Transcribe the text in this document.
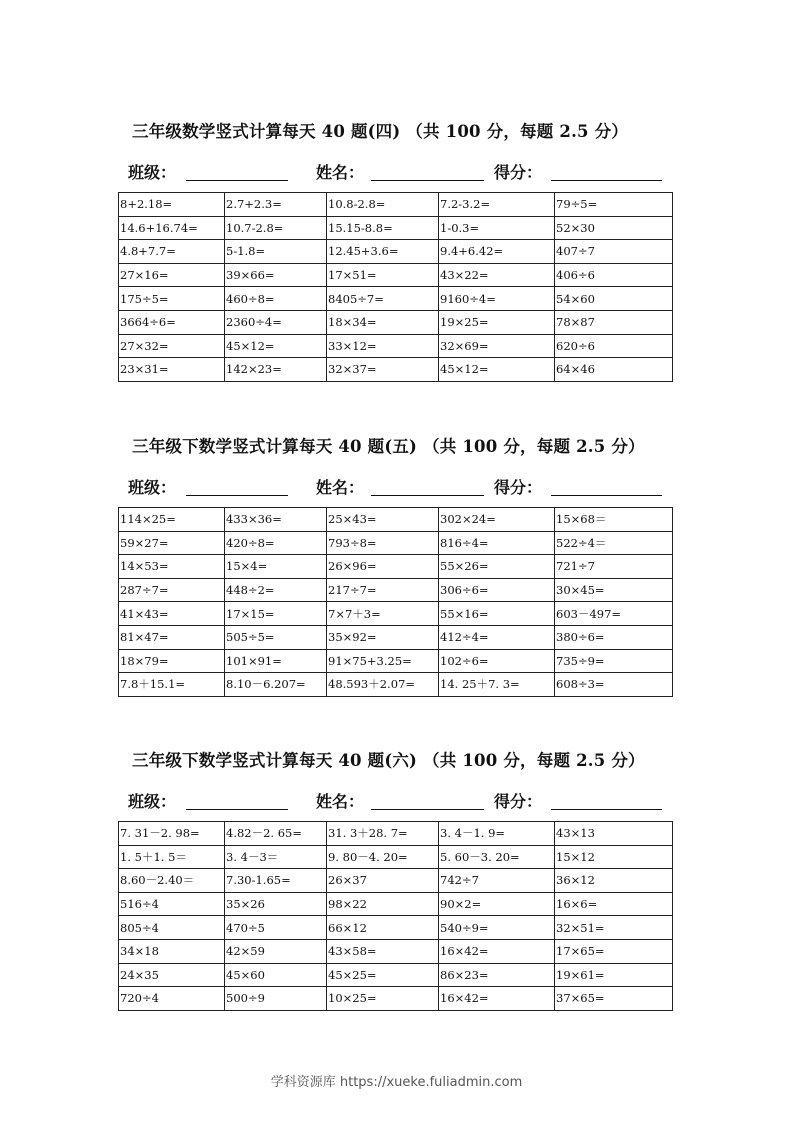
三年级数学竖式计算每天 40 题(四) （共 100 分，每题 2.5 分）
班级：	姓名：	得分：
8+2.18=	2.7+2.3=	10.8-2.8=	7.2-3.2=	79÷5=
14.6+16.74=	10.7-2.8=	15.15-8.8=	1-0.3=	52×30
4.8+7.7=	5-1.8=	12.45+3.6=	9.4+6.42=	407÷7
27×16=	39×66=	17×51=	43×22=	406÷6
175÷5=	460÷8=	8405÷7=	9160÷4=	54×60
3664÷6=	2360÷4=	18×34=	19×25=	78×87
27×32=	45×12=	33×12=	32×69=	620÷6
23×31=	142×23=	32×37=	45×12=	64×46
三年级下数学竖式计算每天 40 题(五) （共 100 分，每题 2.5 分）
班级：	姓名：	得分：
114×25=	433×36=	25×43=	302×24=	15×68＝
59×27=	420÷8=	793÷8=	816÷4=	522÷4＝
14×53=	15×4=	26×96=	55×26=	721÷7
287÷7=	448÷2=	217÷7=	306÷6=	30×45=
41×43=	17×15=	7×7＋3=	55×16=	603－497=
81×47=	505÷5=	35×92=	412÷4=	380÷6=
18×79=	101×91=	91×75+3.25=	102÷6=	735÷9=
7.8＋15.1=	8.10－6.207=	48.593＋2.07=	14. 25＋7. 3=	608÷3=
三年级下数学竖式计算每天 40 题(六) （共 100 分，每题 2.5 分）
班级：	姓名：	得分：
7. 31－2. 98=	4.82－2. 65=	31. 3＋28. 7=	3. 4－1. 9=	43×13
1. 5＋1. 5＝	3. 4－3＝	9. 80－4. 20=	5. 60－3. 20=	15×12
8.60－2.40＝	7.30-1.65=	26×37	742÷7	36×12
516÷4	35×26	98×22	90×2=	16×6=
805÷4	470÷5	66×12	540÷9=	32×51=
34×18	42×59	43×58=	16×42=	17×65=
24×35	45×60	45×25=	86×23=	19×61=
720÷4	500÷9	10×25=	16×42=	37×65=
学科资源库 https://xueke.fuliadmin.com
